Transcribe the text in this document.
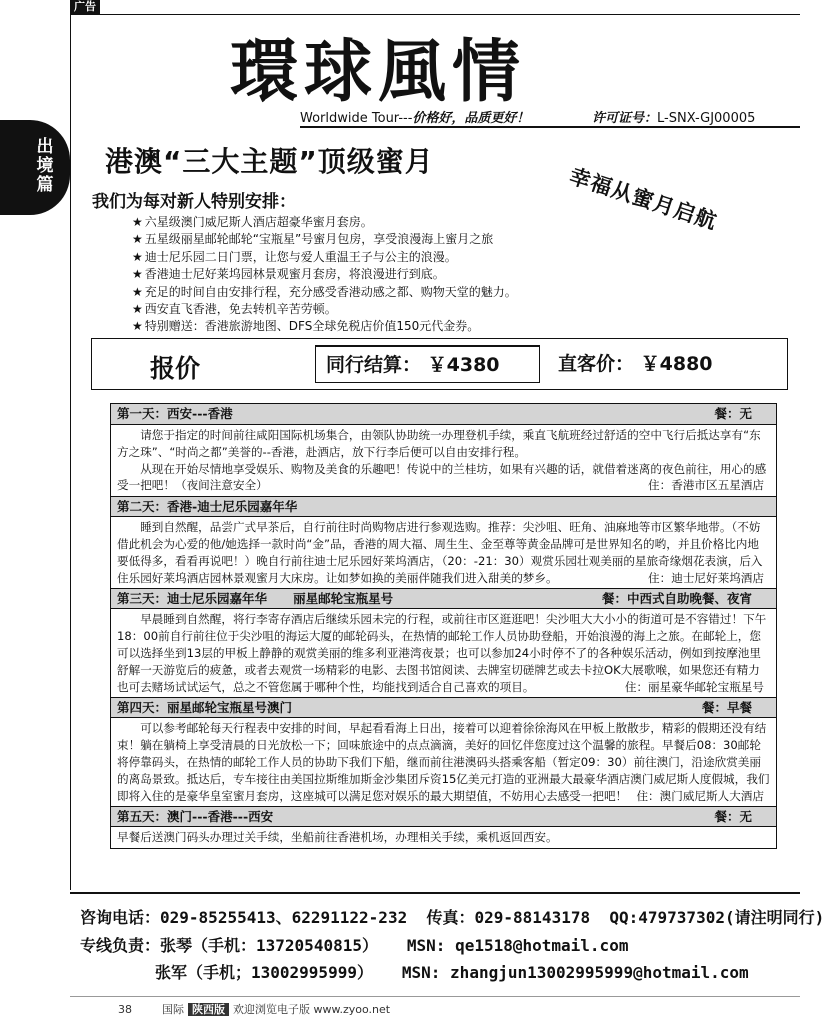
广告
出境篇
環球風情
Worldwide Tour---价格好，品质更好！	许可证号：L-SNX-GJ00005
港澳“三大主题”顶级蜜月
幸福从蜜月启航
我们为每对新人特别安排：
★ 六星级澳门威尼斯人酒店超豪华蜜月套房。
★ 五星级丽星邮轮邮轮“宝瓶星”号蜜月包房，享受浪漫海上蜜月之旅
★ 迪士尼乐园二日门票，让您与爱人重温王子与公主的浪漫。
★ 香港迪士尼好莱坞园林景观蜜月套房，将浪漫进行到底。
★ 充足的时间自由安排行程，充分感受香港动感之都、购物天堂的魅力。
★ 西安直飞香港，免去转机辛苦劳顿。
★ 特别赠送：香港旅游地图、DFS全球免税店价值150元代金券。
报价	同行结算： ￥4380	直客价： ￥4880
第一天：西安---香港	餐：无

请您于指定的时间前往咸阳国际机场集合，由领队协助统一办理登机手续，乘直飞航班经过舒适的空中飞行后抵达享有“东方之珠”、“时尚之都”美誉的--香港，赴酒店，放下行李后便可以自由安排行程。

从现在开始尽情地享受娱乐、购物及美食的乐趣吧！传说中的兰桂坊，如果有兴趣的话，就借着迷离的夜色前往，用心的感受一把吧！（夜间注意安全）	住：香港市区五星酒店

第二天：香港-迪士尼乐园嘉年华

睡到自然醒，品尝广式早茶后，自行前往时尚购物店进行参观选购。推荐：尖沙咀、旺角、油麻地等市区繁华地带。（不妨借此机会为心爱的他/她选择一款时尚“金”品，香港的周大福、周生生、金至尊等黄金品牌可是世界知名的哟，并且价格比内地要低得多，看看再说吧！）晚自行前往迪士尼乐园好莱坞酒店，（20：-21：30）观赏乐园壮观美丽的星旅奇缘烟花表演，后入住乐园好莱坞酒店园林景观蜜月大床房。让如梦如换的美丽伴随我们进入甜美的梦乡。	住：迪士尼好莱坞酒店

第三天：迪士尼乐园嘉年华 丽星邮轮宝瓶星号	餐：中西式自助晚餐、夜宵

早晨睡到自然醒，将行李寄存酒店后继续乐园未完的行程，或前往市区逛逛吧！尖沙咀大大小小的街道可是不容错过！下午18：00前自行前往位于尖沙咀的海运大厦的邮轮码头，在热情的邮轮工作人员协助登船，开始浪漫的海上之旅。在邮轮上，您可以选择坐到13层的甲板上静静的观赏美丽的维多利亚港湾夜景；也可以参加24小时停不了的各种娱乐活动，例如到按摩池里舒解一天游览后的疲惫，或者去观赏一场精彩的电影、去图书馆阅读、去牌室切磋牌艺或去卡拉OK大展歌喉，如果您还有精力也可去赌场试试运气，总之不管您属于哪种个性，均能找到适合自己喜欢的项目。	住：丽星豪华邮轮宝瓶星号

第四天：丽星邮轮宝瓶星号澳门	餐：早餐

可以参考邮轮每天行程表中安排的时间，早起看看海上日出，接着可以迎着徐徐海风在甲板上散散步，精彩的假期还没有结束！躺在躺椅上享受清晨的日光放松一下；回味旅途中的点点滴滴，美好的回忆伴您度过这个温馨的旅程。早餐后08：30邮轮将停靠码头，在热情的邮轮工作人员的协助下我们下船，继而前往港澳码头搭乘客船（暂定09：30）前往澳门，沿途欣赏美丽的离岛景致。抵达后，专车接往由美国拉斯维加斯金沙集团斥资15亿美元打造的亚洲最大最豪华酒店澳门威尼斯人度假城，我们即将入住的是豪华皇室蜜月套房，这座城可以满足您对娱乐的最大期望值，不妨用心去感受一把吧！ 住：澳门威尼斯人大酒店

第五天：澳门---香港---西安	餐：无

早餐后送澳门码头办理过关手续，坐船前往香港机场，办理相关手续，乘机返回西安。

咨询电话：029-85255413、62291122-232 传真：029-88143178 QQ:479737302(请注明同行)
专线负责：张琴（手机：13720540815） MSN: qe1518@hotmail.com
张军（手机；13002995999） MSN: zhangjun13002995999@hotmail.com
38	国际 陕西版 欢迎浏览电子版 www.zyoo.net
